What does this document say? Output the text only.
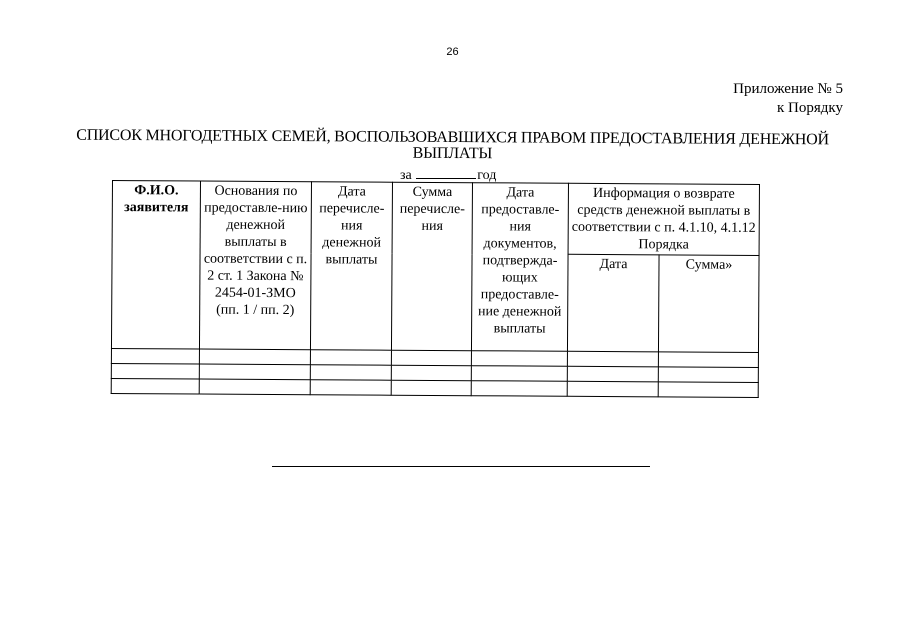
26
Приложение № 5
к Порядку
СПИСОК МНОГОДЕТНЫХ СЕМЕЙ, ВОСПОЛЬЗОВАВШИХСЯ ПРАВОМ ПРЕДОСТАВЛЕНИЯ ДЕНЕЖНОЙ
ВЫПЛАТЫ
за	год
Ф.И.О. заявителя	Основания по предоставле-нию денежной выплаты в соответствии с п. 2 ст. 1 Закона № 2454-01-ЗМО (пп. 1 / пп. 2)	Дата перечисле-ния денежной выплаты	Сумма перечисле-ния	Дата предоставле-ния документов, подтвержда-ющих предоставле-ние денежной выплаты	Информация о возврате средств денежной выплаты в соответствии с п. 4.1.10, 4.1.12 Порядка	
					Дата	Сумма»
